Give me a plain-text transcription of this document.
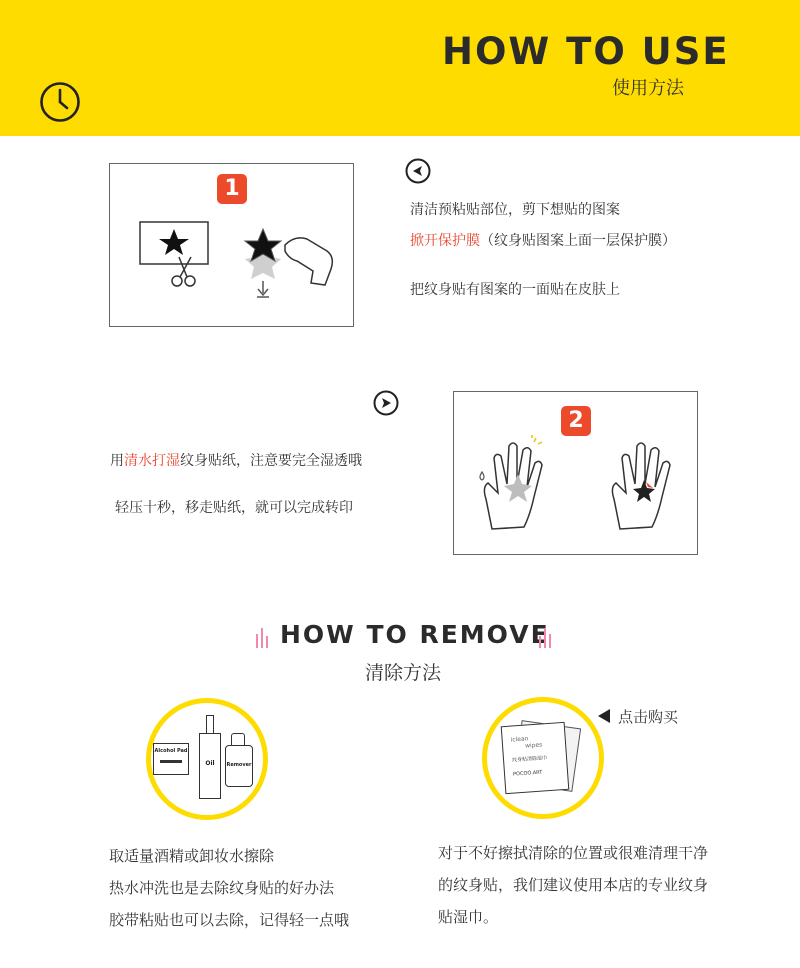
HOW TO USE
使用方法
1
清洁预粘贴部位，剪下想贴的图案
掀开保护膜（纹身贴图案上面一层保护膜）
把纹身贴有图案的一面贴在皮肤上
用清水打湿纹身贴纸，注意要完全湿透哦
轻压十秒，移走贴纸，就可以完成转印
2
HOW TO REMOVE
清除方法
Alcohol Pad
Oil	Remover
取适量酒精或卸妆水擦除
热水冲洗也是去除纹身贴的好办法
胶带粘贴也可以去除，记得轻一点哦
iclean
wipes
纹身贴清除湿巾
POCOO.ART
点击购买
对于不好擦拭清除的位置或很难清理干净
的纹身贴，我们建议使用本店的专业纹身
贴湿巾。
